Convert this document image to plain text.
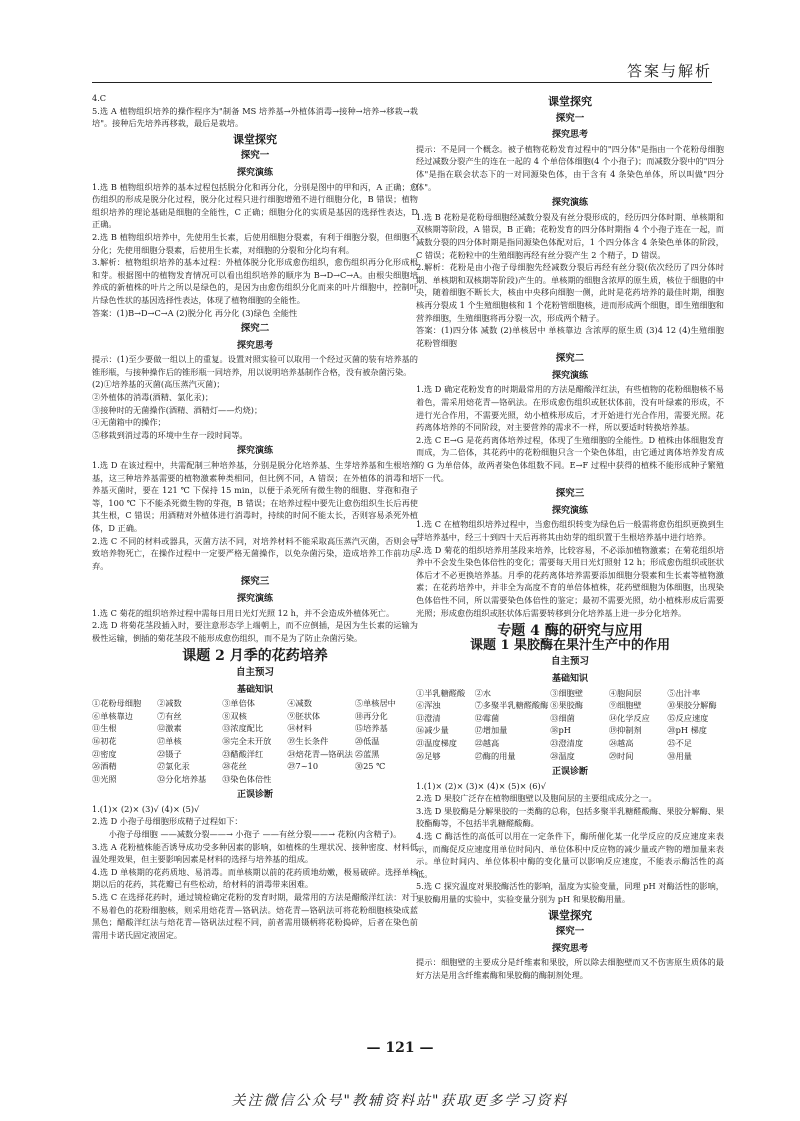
答案与解析

4.C

5.选 A 植物组织培养的操作程序为"制备 MS 培养基→外植体消毒→接种→培养→移栽→栽培"。接种后先培养再移栽，最后是栽培。

课堂探究
探究一
探究演练

1.选 B 植物组织培养的基本过程包括脱分化和再分化，分别是图中的甲和丙，A 正确；愈伤组织的形成是脱分化过程，脱分化过程只进行细胞增殖不进行细胞分化，B 错误；植物组织培养的理论基础是细胞的全能性，C 正确；细胞分化的实质是基因的选择性表达，D 正确。

2.选 B 植物组织培养中，先使用生长素，后使用细胞分裂素，有利于细胞分裂，但细胞不分化；先使用细胞分裂素，后使用生长素，对细胞的分裂和分化均有利。

3.解析：植物组织培养的基本过程：外植体脱分化形成愈伤组织，愈伤组织再分化形成根和芽。根据图中的植物发育情况可以看出组织培养的顺序为 B→D→C→A。由根尖细胞培养成的新植株的叶片之所以是绿色的，是因为由愈伤组织分化而来的叶片细胞中，控制叶片绿色性状的基因选择性表达，体现了植物细胞的全能性。

答案：(1)B→D→C→A (2)脱分化 再分化 (3)绿色 全能性

探究二
探究思考

提示：(1)至少要做一组以上的重复。设置对照实验可以取用一个经过灭菌的装有培养基的锥形瓶，与接种操作后的锥形瓶一同培养，用以说明培养基制作合格，没有被杂菌污染。

(2)①培养基的灭菌(高压蒸汽灭菌)；

②外植体的消毒(酒精、氯化汞)；

③接种时的无菌操作(酒精、酒精灯——灼烧)；

④无菌箱中的操作；

⑤移栽到消过毒的环境中生存一段时间等。

探究演练

1.选 D 在该过程中，共需配制三种培养基，分别是脱分化培养基、生芽培养基和生根培养基，这三种培养基需要的植物激素种类相同，但比例不同，A 错误；在外植体的消毒和培养基灭菌时，要在 121 ℃ 下保持 15 min，以便于杀死所有微生物的细胞、芽孢和孢子等，100 ℃ 下不能杀死微生物的芽孢，B 错误；在培养过程中要先让愈伤组织生长后再使其生根，C 错误；用酒精对外植体进行消毒时，持续的时间不能太长，否则容易杀死外植体，D 正确。

2.选 C 不同的材料或器具，灭菌方法不同，对培养材料不能采取高压蒸汽灭菌，否则会导致培养物死亡，在操作过程中一定要严格无菌操作，以免杂菌污染，造成培养工作前功尽弃。

探究三
探究演练

1.选 C 菊花的组织培养过程中需每日用日光灯光照 12 h，并不会造成外植体死亡。

2.选 D 将菊花茎段插入时，要注意形态学上端朝上，而不应倒插，是因为生长素的运输为极性运输，倒插的菊花茎段不能形成愈伤组织，而不是为了防止杂菌污染。

课题 2 月季的花药培养
自主预习
基础知识
①花粉母细胞	②减数	③单倍体	④减数	⑤单核居中
⑥单核靠边	⑦有丝	⑧双核	⑨胚状体	⑩再分化
⑪生根	⑫激素	⑬浓度配比	⑭材料	⑮培养基
⑯初花	⑰单核	⑱完全未开放	⑲生长条件	⑳低温
㉑密度	㉒镊子	㉓醋酸洋红	㉔焙花青—铬矾法 ㉕蓝黑
㉖酒精	㉗氯化汞	㉘花丝	㉙7~10	㉚25 ℃
㉛光照	㉜分化培养基	㉝染色体倍性
正误诊断

1.(1)× (2)× (3)√ (4)× (5)√

2.选 D 小孢子母细胞形成精子过程如下：

小孢子母细胞 ——减数分裂——→ 小孢子 ——有丝分裂——→ 花粉(内含精子)。

3.选 A 花粉植株能否诱导成功受多种因素的影响，如植株的生理状况、接种密度、材料低温处理效果，但主要影响因素是材料的选择与培养基的组成。

4.选 D 单核期的花药质地、易消毒。而单核期以前的花药质地幼嫩，极易破碎。选择单核期以后的花药，其花瓣已有些松动，给材料的消毒带来困难。

5.选 C 在选择花药时，通过镜检确定花粉的发育时期，最常用的方法是醋酸洋红法：对于不易着色的花粉细胞核，则采用焙花青—铬矾法。焙花青—铬矾法可将花粉细胞核染成蓝黑色；醋酸洋红法与焙花青—铬矾法过程不同，前者需用镊柄将花粉捣碎，后者在染色前需用卡诺氏固定液固定。

课堂探究
探究一
探究思考

提示：不是同一个概念。被子植物花粉发育过程中的"四分体"是指由一个花粉母细胞经过减数分裂产生的连在一起的 4 个单倍体细胞(4 个小孢子)；而减数分裂中的"四分体"是指在联会状态下的一对同源染色体，由于含有 4 条染色单体，所以叫做"四分体"。

探究演练

1.选 B 花粉是花粉母细胞经减数分裂及有丝分裂形成的，经历四分体时期、单核期和双核期等阶段，A 错误，B 正确；花粉发育的四分体时期指 4 个小孢子连在一起，而减数分裂的四分体时期是指同源染色体配对后，1 个四分体含 4 条染色单体的阶段，C 错误；花粉粒中的生殖细胞再经有丝分裂产生 2 个精子，D 错误。

2.解析：花粉是由小孢子母细胞先经减数分裂后再经有丝分裂(依次经历了四分体时期、单核期和双核期等阶段)产生的。单核期的细胞含浓厚的原生质，核位于细胞的中央，随着细胞不断长大，核由中央移向细胞一侧，此时是花药培养的最佳时期，细胞核再分裂成 1 个生殖细胞核和 1 个花粉管细胞核，进而形成两个细胞，即生殖细胞和营养细胞，生殖细胞将再分裂一次，形成两个精子。

答案：(1)四分体 减数 (2)单核居中 单核靠边 含浓厚的原生质 (3)4 12 (4)生殖细胞 花粉管细胞

探究二
探究演练

1.选 D 确定花粉发育的时期最常用的方法是醋酸洋红法，有些植物的花粉细胞核不易着色，需采用焙花青—铬矾法。在形成愈伤组织或胚状体前，没有叶绿素的形成，不进行光合作用，不需要光照，幼小植株形成后，才开始进行光合作用，需要光照。花药离体培养的不同阶段，对主要营养的需求不一样，所以要适时转换培养基。

2.选 C E→G 是花药离体培养过程，体现了生殖细胞的全能性。D 植株由体细胞发育而成，为二倍体，其花药中的花粉细胞只含一个染色体组，由它通过离体培养发育成的 G 为单倍体，故两者染色体组数不同。E→F 过程中获得的植株不能形成种子繁殖下一代。

探究三
探究演练

1.选 C 在植物组织培养过程中，当愈伤组织转变为绿色后一般需将愈伤组织更换到生芽培养基中，经三十到四十天后再将其由幼芽的组织置于生根培养基中进行培养。

2.选 D 菊花的组织培养用茎段来培养，比较容易，不必添加植物激素；在菊花组织培养中不会发生染色体倍性的变化；需要每天用日光灯照射 12 h；形成愈伤组织或胚状体后才不必更换培养基。月季的花药离体培养需要添加细胞分裂素和生长素等植物激素；在花药培养中，并非全为高度不育的单倍体植株，花药壁细胞为体细胞，出现染色体倍性不同，所以需要染色体倍性的鉴定；最初不需要光照，幼小植株形成后需要光照；形成愈伤组织或胚状体后需要转移到分化培养基上进一步分化培养。

专题 4 酶的研究与应用
课题 1 果胶酶在果汁生产中的作用
自主预习
基础知识
①半乳糖醛酸	②水	③细胞壁	④胞间层	⑤出汁率
⑥浑浊	⑦多聚半乳糖醛酸酶 ⑧果胶酶	⑨细胞壁	⑩果胶分解酶
⑪澄清	⑫霉菌	⑬细菌	⑭化学反应	⑮反应速度
⑯减少量	⑰增加量	⑱pH	⑲抑制剂	⑳pH 梯度
㉑温度梯度	㉒越高	㉓澄清度	㉔越高	㉕不足
㉖足够	㉗酶的用量	㉘温度	㉙时间	㉚用量
正误诊断

1.(1)× (2)× (3)× (4)× (5)× (6)√

2.选 D 果胶广泛存在植物细胞壁以及胞间层的主要组成成分之一。

3.选 D 果胶酶是分解果胶的一类酶的总称，包括多聚半乳糖醛酸酶、果胶分解酶、果胶酯酶等，不包括半乳糖醛酸酶。

4.选 C 酶活性的高低可以用在一定条件下，酶所催化某一化学反应的反应速度来表示，而酶促反应速度用单位时间内、单位体积中反应物的减少量或产物的增加量来表示。单位时间内、单位体积中酶的变化量可以影响反应速度，不能表示酶活性的高低。

5.选 C 探究温度对果胶酶活性的影响，温度为实验变量，同理 pH 对酶活性的影响，果胶酶用量的实验中，实验变量分别为 pH 和果胶酶用量。

课堂探究
探究一
探究思考

提示：细胞壁的主要成分是纤维素和果胶，所以除去细胞壁而又不伤害原生质体的最好方法是用含纤维素酶和果胶酶的酶制剂处理。

— 121 —
关注微信公众号"教辅资料站"获取更多学习资料
